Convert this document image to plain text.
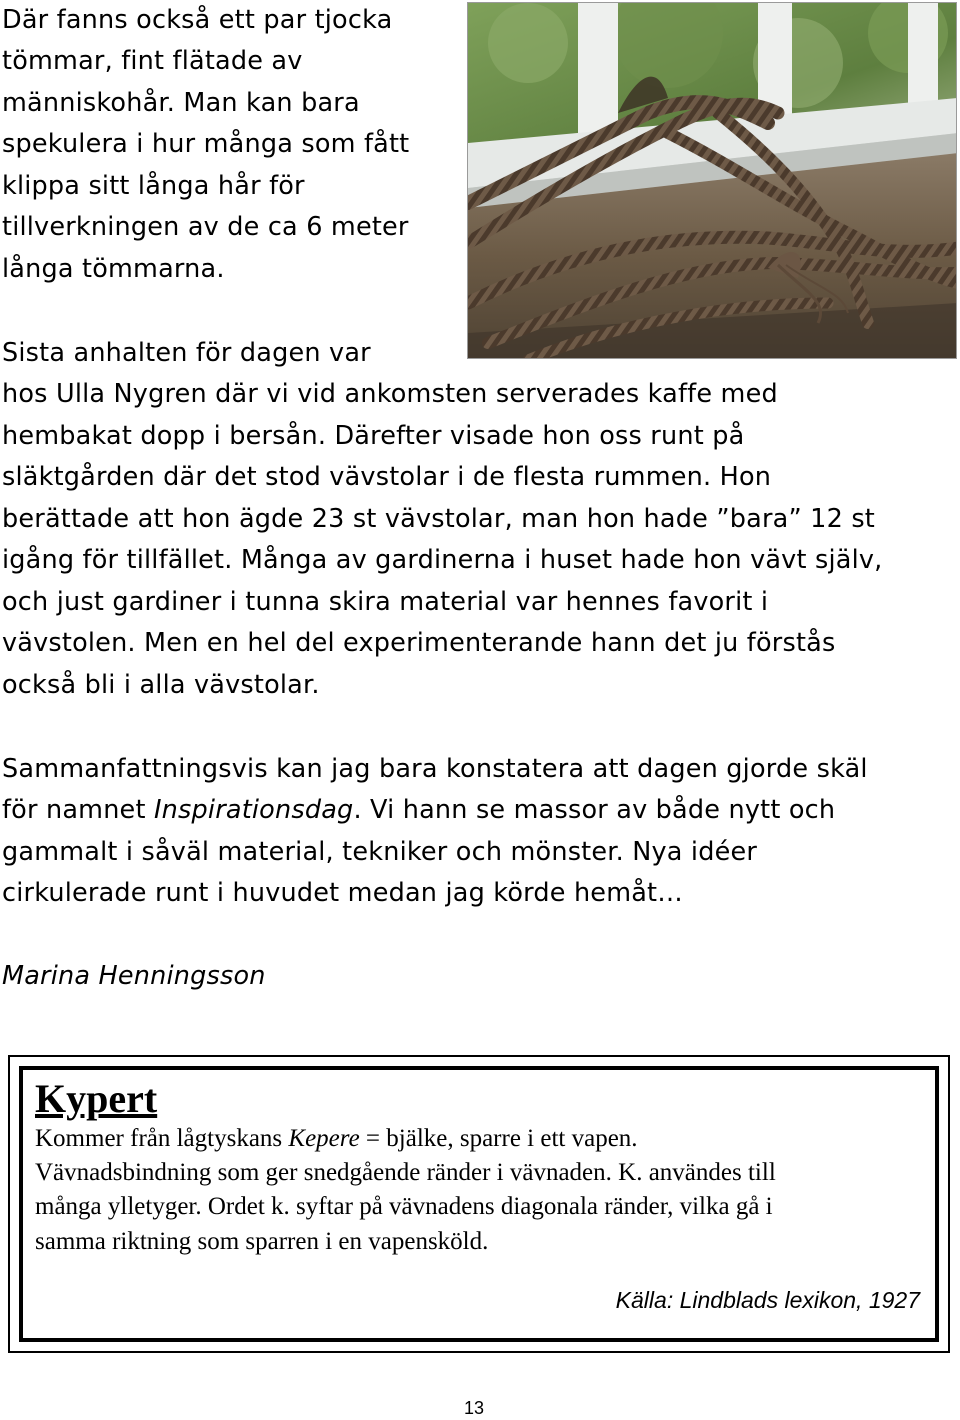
Där fanns också ett par tjocka
tömmar, fint flätade av
människohår. Man kan bara
spekulera i hur många som fått
klippa sitt långa hår för
tillverkningen av de ca 6 meter
långa tömmarna.
Sista anhalten för dagen var
hos Ulla Nygren där vi vid ankomsten serverades kaffe med
hembakat dopp i bersån. Därefter visade hon oss runt på
släktgården där det stod vävstolar i de flesta rummen. Hon
berättade att hon ägde 23 st vävstolar, man hon hade ”bara” 12 st
igång för tillfället. Många av gardinerna i huset hade hon vävt själv,
och just gardiner i tunna skira material var hennes favorit i
vävstolen. Men en hel del experimenterande hann det ju förstås
också bli i alla vävstolar.
Sammanfattningsvis kan jag bara konstatera att dagen gjorde skäl
för namnet Inspirationsdag. Vi hann se massor av både nytt och
gammalt i såväl material, tekniker och mönster. Nya idéer
cirkulerade runt i huvudet medan jag körde hemåt…
Marina Henningsson
Kypert
Kommer från lågtyskans Kepere = bjälke, sparre i ett vapen.
Vävnadsbindning som ger snedgående ränder i vävnaden. K. användes till
många ylletyger. Ordet k. syftar på vävnadens diagonala ränder, vilka gå i
samma riktning som sparren i en vapensköld.
Källa: Lindblads lexikon, 1927
13
